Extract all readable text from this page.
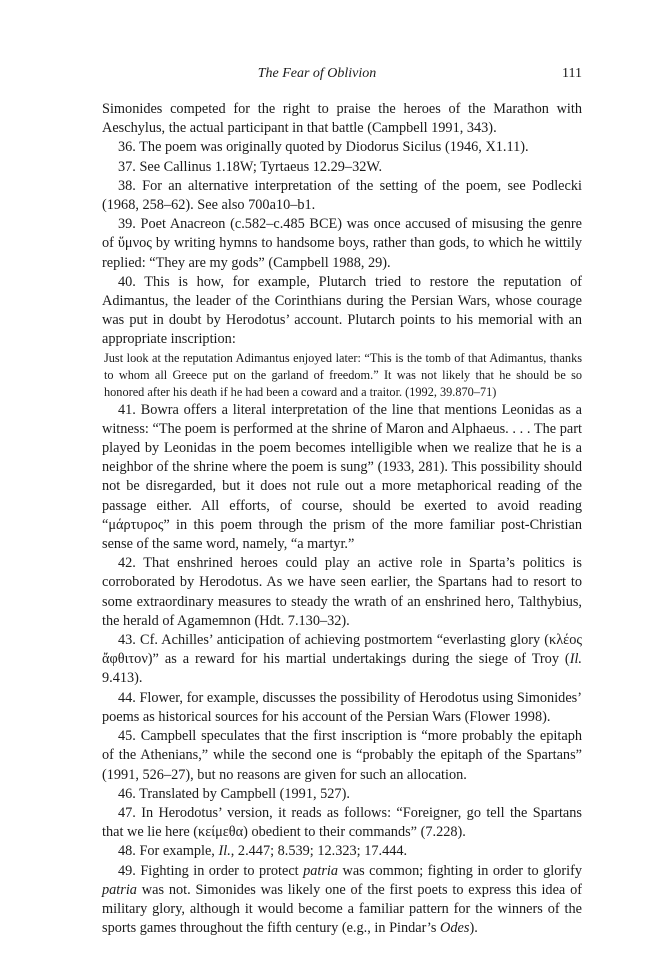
The Fear of Oblivion	111

Simonides competed for the right to praise the heroes of the Marathon with Aeschylus, the actual participant in that battle (Campbell 1991, 343).

36. The poem was originally quoted by Diodorus Sicilus (1946, X1.11).

37. See Callinus 1.18W; Tyrtaeus 12.29–32W.

38. For an alternative interpretation of the setting of the poem, see Podlecki (1968, 258–62). See also 700a10–b1.

39. Poet Anacreon (c.582–c.485 BCE) was once accused of misusing the genre of ὕμνος by writing hymns to handsome boys, rather than gods, to which he wittily replied: “They are my gods” (Campbell 1988, 29).

40. This is how, for example, Plutarch tried to restore the reputation of Adimantus, the leader of the Corinthians during the Persian Wars, whose courage was put in doubt by Herodotus’ account. Plutarch points to his memorial with an appropriate inscription:

Just look at the reputation Adimantus enjoyed later: “This is the tomb of that Adimantus, thanks to whom all Greece put on the garland of freedom.” It was not likely that he should be so honored after his death if he had been a coward and a traitor. (1992, 39.870–71)

41. Bowra offers a literal interpretation of the line that mentions Leonidas as a witness: “The poem is performed at the shrine of Maron and Alphaeus. . . . The part played by Leonidas in the poem becomes intelligible when we realize that he is a neighbor of the shrine where the poem is sung” (1933, 281). This possibility should not be disregarded, but it does not rule out a more metaphorical reading of the passage either. All efforts, of course, should be exerted to avoid reading “μάρτυρος” in this poem through the prism of the more familiar post-Christian sense of the same word, namely, “a martyr.”

42. That enshrined heroes could play an active role in Sparta’s politics is corroborated by Herodotus. As we have seen earlier, the Spartans had to resort to some extraordinary measures to steady the wrath of an enshrined hero, Talthybius, the herald of Agamemnon (Hdt. 7.130–32).

43. Cf. Achilles’ anticipation of achieving postmortem “everlasting glory (κλέος ἄφθιτον)” as a reward for his martial undertakings during the siege of Troy (Il. 9.413).

44. Flower, for example, discusses the possibility of Herodotus using Simonides’ poems as historical sources for his account of the Persian Wars (Flower 1998).

45. Campbell speculates that the first inscription is “more probably the epitaph of the Athenians,” while the second one is “probably the epitaph of the Spartans” (1991, 526–27), but no reasons are given for such an allocation.

46. Translated by Campbell (1991, 527).

47. In Herodotus’ version, it reads as follows: “Foreigner, go tell the Spartans that we lie here (κείμεθα) obedient to their commands” (7.228).

48. For example, Il., 2.447; 8.539; 12.323; 17.444.

49. Fighting in order to protect patria was common; fighting in order to glorify patria was not. Simonides was likely one of the first poets to express this idea of military glory, although it would become a familiar pattern for the winners of the sports games throughout the fifth century (e.g., in Pindar’s Odes).
